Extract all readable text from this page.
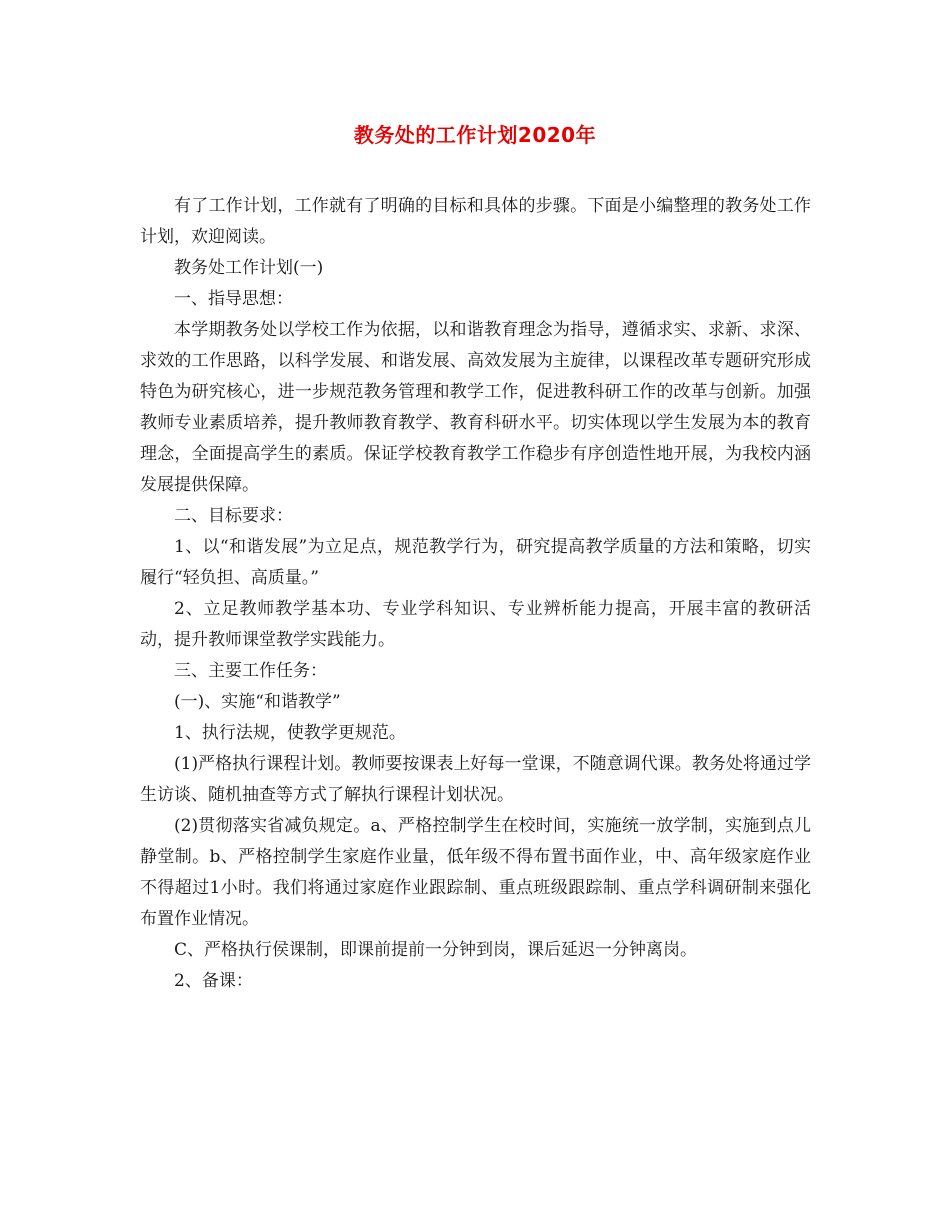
教务处的工作计划2020年

有了工作计划，工作就有了明确的目标和具体的步骤。下面是小编整理的教务处工作计划，欢迎阅读。

教务处工作计划(一)

一、指导思想：

本学期教务处以学校工作为依据，以和谐教育理念为指导，遵循求实、求新、求深、求效的工作思路，以科学发展、和谐发展、高效发展为主旋律，以课程改革专题研究形成特色为研究核心，进一步规范教务管理和教学工作，促进教科研工作的改革与创新。加强教师专业素质培养，提升教师教育教学、教育科研水平。切实体现以学生发展为本的教育理念，全面提高学生的素质。保证学校教育教学工作稳步有序创造性地开展，为我校内涵发展提供保障。

二、目标要求：

1、以“和谐发展”为立足点，规范教学行为，研究提高教学质量的方法和策略，切实履行“轻负担、高质量。”

2、立足教师教学基本功、专业学科知识、专业辨析能力提高，开展丰富的教研活动，提升教师课堂教学实践能力。

三、主要工作任务：

(一)、实施“和谐教学”

1、执行法规，使教学更规范。

(1)严格执行课程计划。教师要按课表上好每一堂课，不随意调代课。教务处将通过学生访谈、随机抽查等方式了解执行课程计划状况。

(2)贯彻落实省减负规定。a、严格控制学生在校时间，实施统一放学制，实施到点儿静堂制。b、严格控制学生家庭作业量，低年级不得布置书面作业，中、高年级家庭作业不得超过1小时。我们将通过家庭作业跟踪制、重点班级跟踪制、重点学科调研制来强化布置作业情况。

C、严格执行侯课制，即课前提前一分钟到岗，课后延迟一分钟离岗。

2、备课：
